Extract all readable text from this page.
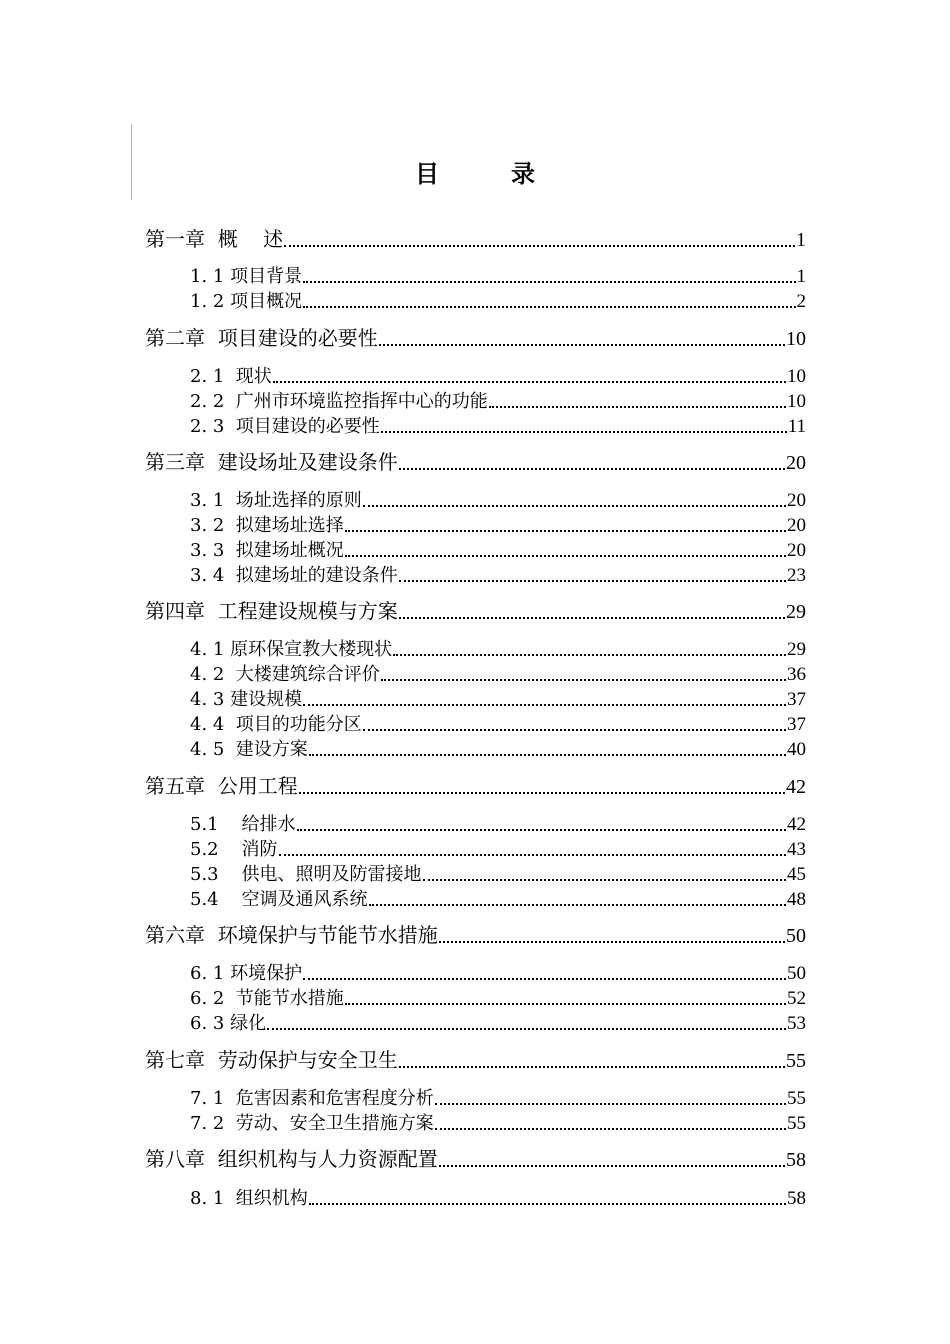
目　录
第一章  概    述	1
1. 1 项目背景	1
1. 2 项目概况	2
第二章  项目建设的必要性	10
2. 1  现状	10
2. 2  广州市环境监控指挥中心的功能	10
2. 3  项目建设的必要性	11
第三章  建设场址及建设条件	20
3. 1  场址选择的原则	20
3. 2  拟建场址选择	20
3. 3  拟建场址概况	20
3. 4  拟建场址的建设条件	23
第四章  工程建设规模与方案	29
4. 1 原环保宣教大楼现状	29
4. 2  大楼建筑综合评价	36
4. 3 建设规模	37
4. 4  项目的功能分区	37
4. 5  建设方案	40
第五章  公用工程	42
5.1    给排水	42
5.2    消防	43
5.3    供电、照明及防雷接地	45
5.4    空调及通风系统	48
第六章  环境保护与节能节水措施	50
6. 1 环境保护	50
6. 2  节能节水措施	52
6. 3 绿化	53
第七章  劳动保护与安全卫生	55
7. 1  危害因素和危害程度分析	55
7. 2  劳动、安全卫生措施方案	55
第八章  组织机构与人力资源配置	58
8. 1  组织机构	58
